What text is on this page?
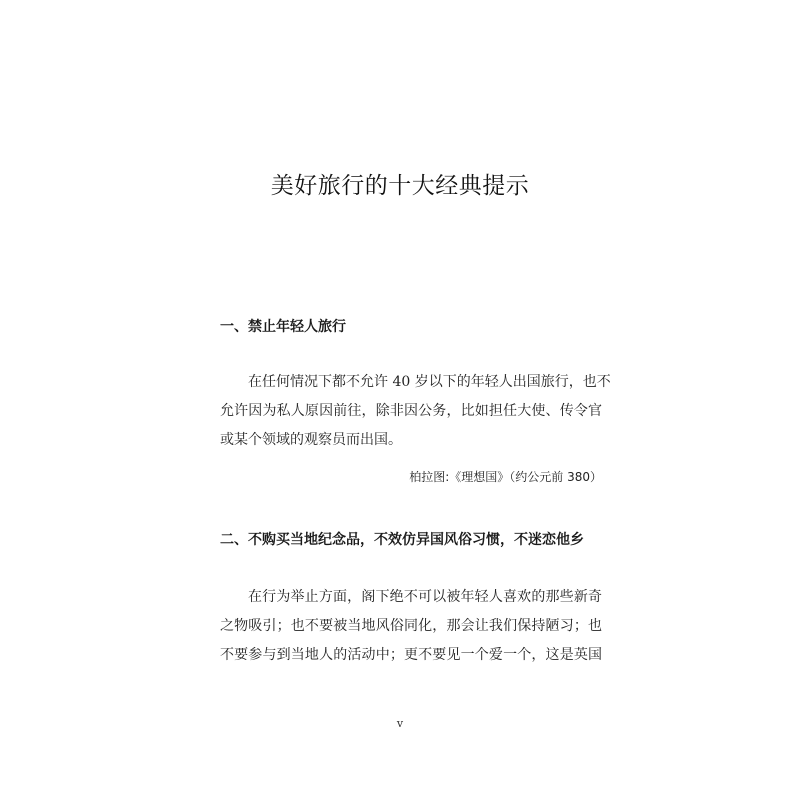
美好旅行的十大经典提示
一、禁止年轻人旅行
在任何情况下都不允许 40 岁以下的年轻人出国旅行，也不
允许因为私人原因前往，除非因公务，比如担任大使、传令官
或某个领域的观察员而出国。
柏拉图:《理想国》（约公元前 380）
二、不购买当地纪念品，不效仿异国风俗习惯，不迷恋他乡
在行为举止方面，阁下绝不可以被年轻人喜欢的那些新奇
之物吸引；也不要被当地风俗同化，那会让我们保持陋习；也
不要参与到当地人的活动中；更不要见一个爱一个，这是英国
v
